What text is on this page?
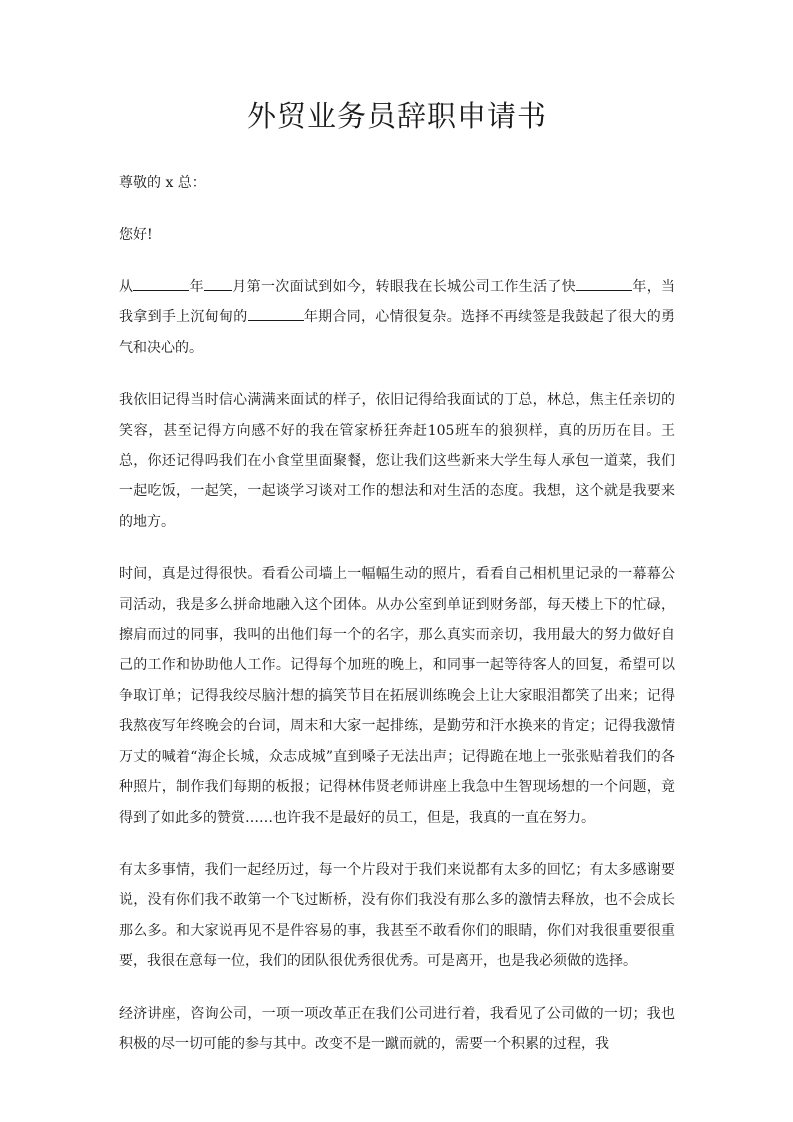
外贸业务员辞职申请书

尊敬的 x 总：

您好!

从	年 月第一次面试到如今，转眼我在长城公司工作生活了快	年，当我拿到手上沉甸甸的	年期合同，心情很复杂。选择不再续签是我鼓起了很大的勇气和决心的。

我依旧记得当时信心满满来面试的样子，依旧记得给我面试的丁总，林总，焦主任亲切的笑容，甚至记得方向感不好的我在管家桥狂奔赶105班车的狼狈样，真的历历在目。王总，你还记得吗我们在小食堂里面聚餐，您让我们这些新来大学生每人承包一道菜，我们一起吃饭，一起笑，一起谈学习谈对工作的想法和对生活的态度。我想，这个就是我要来的地方。

时间，真是过得很快。看看公司墙上一幅幅生动的照片，看看自己相机里记录的一幕幕公司活动，我是多么拼命地融入这个团体。从办公室到单证到财务部，每天楼上下的忙碌，擦肩而过的同事，我叫的出他们每一个的名字，那么真实而亲切，我用最大的努力做好自己的工作和协助他人工作。记得每个加班的晚上，和同事一起等待客人的回复，希望可以争取订单；记得我绞尽脑汁想的搞笑节目在拓展训练晚会上让大家眼泪都笑了出来；记得我熬夜写年终晚会的台词，周末和大家一起排练，是勤劳和汗水换来的肯定；记得我激情万丈的喊着“海企长城，众志成城”直到嗓子无法出声；记得跪在地上一张张贴着我们的各种照片，制作我们每期的板报；记得林伟贤老师讲座上我急中生智现场想的一个问题，竟得到了如此多的赞赏……也许我不是最好的员工，但是，我真的一直在努力。

有太多事情，我们一起经历过，每一个片段对于我们来说都有太多的回忆；有太多感谢要说，没有你们我不敢第一个飞过断桥，没有你们我没有那么多的激情去释放，也不会成长那么多。和大家说再见不是件容易的事，我甚至不敢看你们的眼睛，你们对我很重要很重要，我很在意每一位，我们的团队很优秀很优秀。可是离开，也是我必须做的选择。

经济讲座，咨询公司，一项一项改革正在我们公司进行着，我看见了公司做的一切；我也积极的尽一切可能的参与其中。改变不是一蹴而就的，需要一个积累的过程，我
